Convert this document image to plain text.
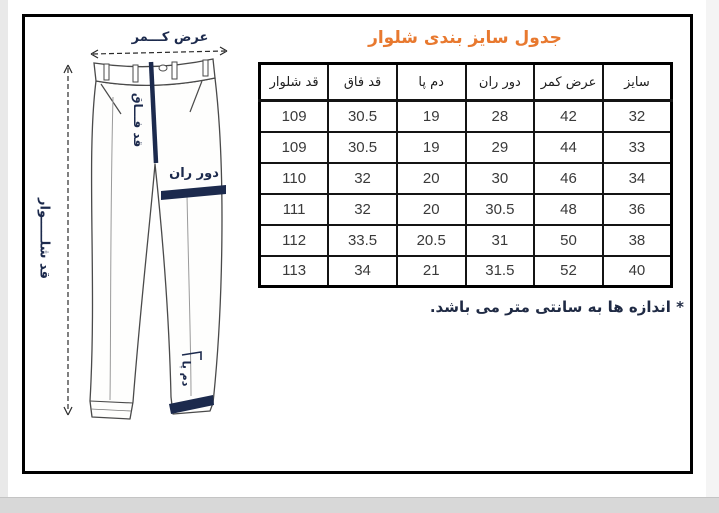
عرض کـــمر
قد شلـــــوار
قد فـــاق
دور ران
دم پا
جدول سایز بندی شلوار
سایز	عرض کمر	دور ران	دم پا	قد فاق	قد شلوار
32	42	28	19	30.5	109
33	44	29	19	30.5	109
34	46	30	20	32	110
36	48	30.5	20	32	111
38	50	31	20.5	33.5	112
40	52	31.5	21	34	113
* اندازه ها به سانتی متر می باشد.
